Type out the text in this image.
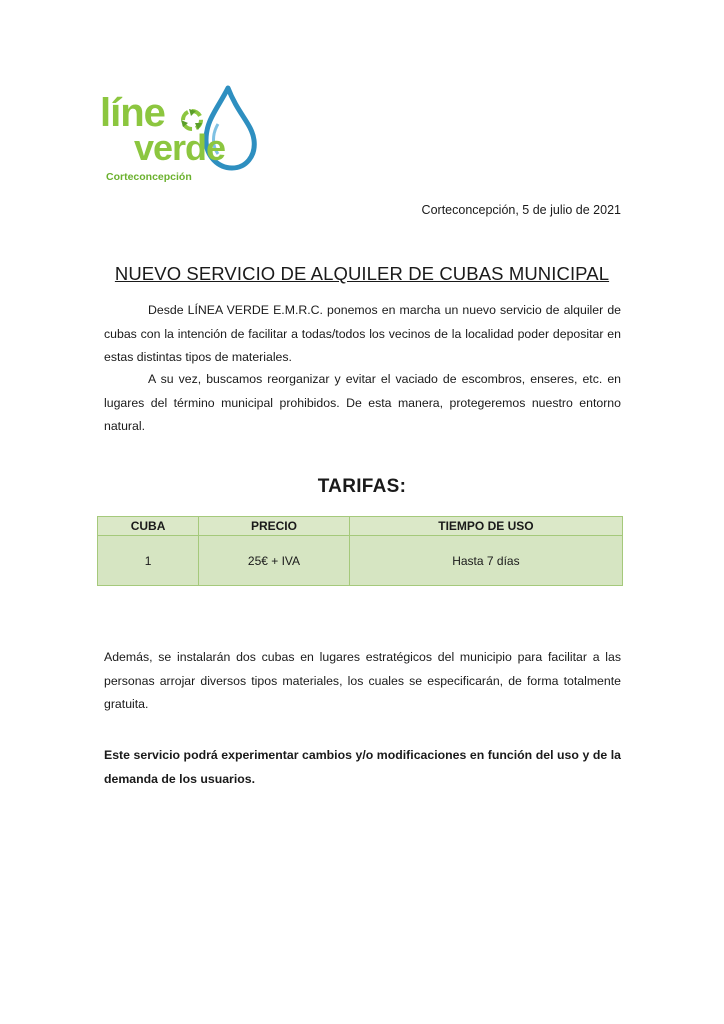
líne
verde
Corteconcepción
Corteconcepción, 5 de julio de 2021
NUEVO SERVICIO DE ALQUILER DE CUBAS MUNICIPAL

Desde LÍNEA VERDE E.M.R.C. ponemos en marcha un nuevo servicio de alquiler de cubas con la intención de facilitar a todas/todos los vecinos de la localidad poder depositar en estas distintas tipos de materiales.

A su vez, buscamos reorganizar y evitar el vaciado de escombros, enseres, etc. en lugares del término municipal prohibidos. De esta manera, protegeremos nuestro entorno natural.

TARIFAS:
CUBA	PRECIO	TIEMPO DE USO
1	25€ + IVA	Hasta 7 días

Además, se instalarán dos cubas en lugares estratégicos del municipio para facilitar a las personas arrojar diversos tipos materiales, los cuales se especificarán, de forma totalmente gratuita.

Este servicio podrá experimentar cambios y/o modificaciones en función del uso y de la demanda de los usuarios.
